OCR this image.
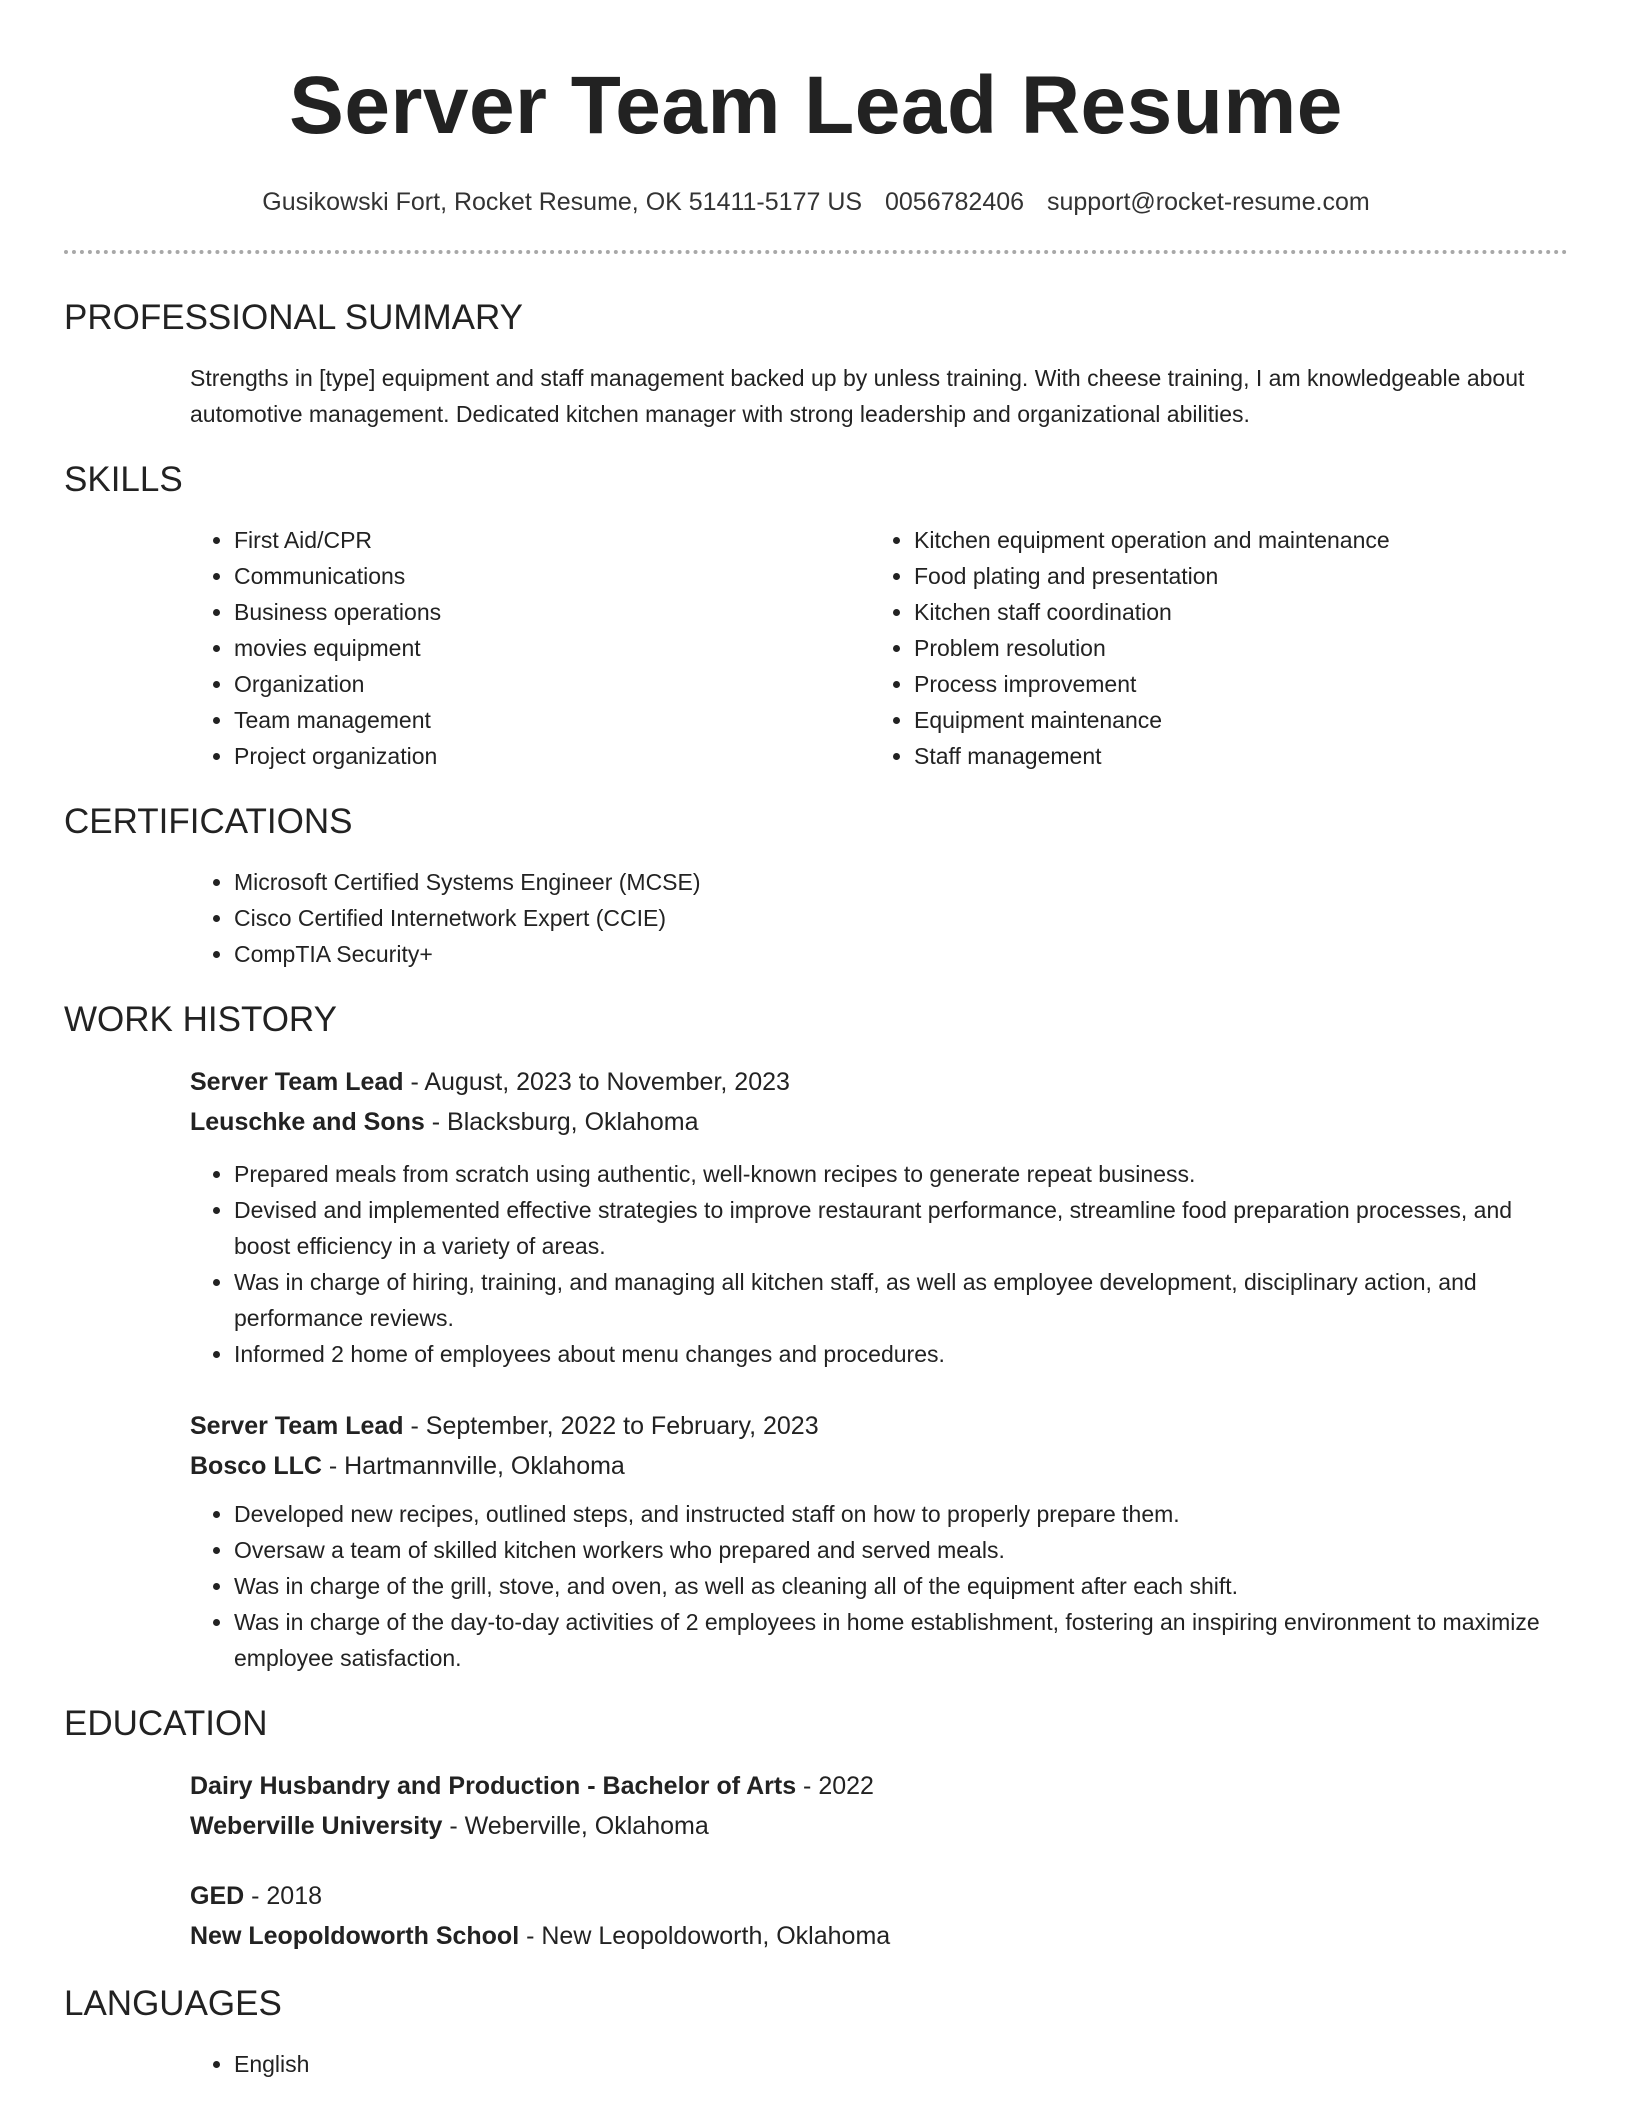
Server Team Lead Resume
Gusikowski Fort, Rocket Resume, OK 51411-5177 US 0056782406 support@rocket-resume.com
PROFESSIONAL SUMMARY
Strengths in [type] equipment and staff management backed up by unless training. With cheese training, I am knowledgeable about automotive management. Dedicated kitchen manager with strong leadership and organizational abilities.
SKILLS
• First Aid/CPR
• Communications
• Business operations
• movies equipment
• Organization
• Team management
• Project organization
• Kitchen equipment operation and maintenance
• Food plating and presentation
• Kitchen staff coordination
• Problem resolution
• Process improvement
• Equipment maintenance
• Staff management
CERTIFICATIONS
• Microsoft Certified Systems Engineer (MCSE)
• Cisco Certified Internetwork Expert (CCIE)
• CompTIA Security+
WORK HISTORY
Server Team Lead - August, 2023 to November, 2023
Leuschke and Sons - Blacksburg, Oklahoma
• Prepared meals from scratch using authentic, well-known recipes to generate repeat business.
• Devised and implemented effective strategies to improve restaurant performance, streamline food preparation processes, and boost efficiency in a variety of areas.
• Was in charge of hiring, training, and managing all kitchen staff, as well as employee development, disciplinary action, and performance reviews.
• Informed 2 home of employees about menu changes and procedures.
Server Team Lead - September, 2022 to February, 2023
Bosco LLC - Hartmannville, Oklahoma
• Developed new recipes, outlined steps, and instructed staff on how to properly prepare them.
• Oversaw a team of skilled kitchen workers who prepared and served meals.
• Was in charge of the grill, stove, and oven, as well as cleaning all of the equipment after each shift.
• Was in charge of the day-to-day activities of 2 employees in home establishment, fostering an inspiring environment to maximize employee satisfaction.
EDUCATION
Dairy Husbandry and Production - Bachelor of Arts - 2022
Weberville University - Weberville, Oklahoma
GED - 2018
New Leopoldoworth School - New Leopoldoworth, Oklahoma
LANGUAGES
• English
